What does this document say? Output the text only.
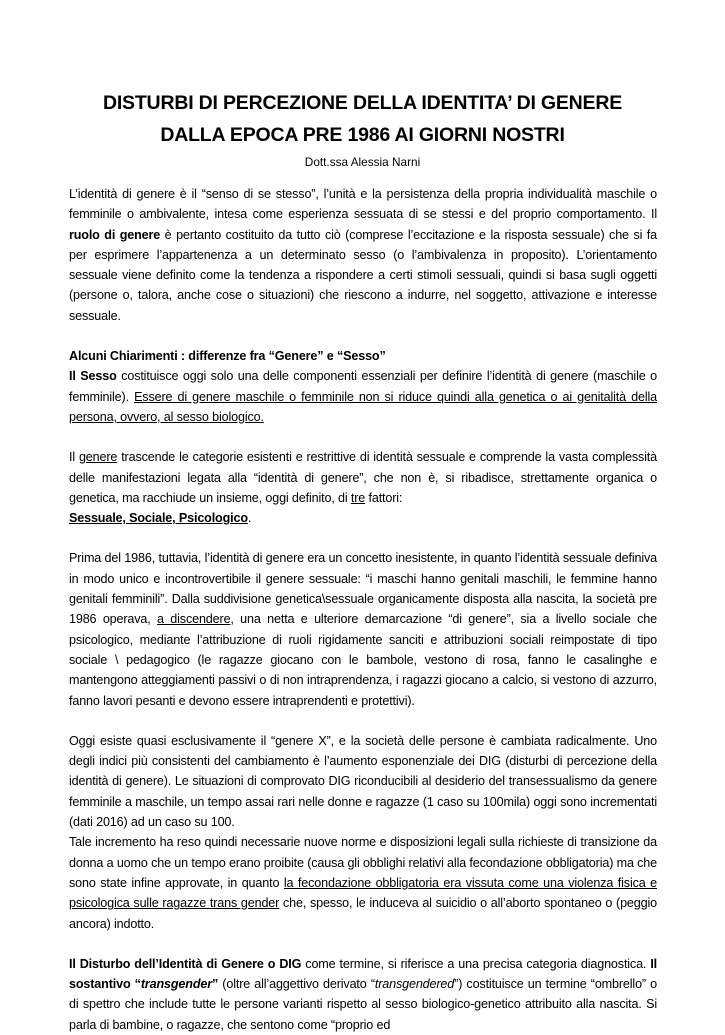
DISTURBI DI PERCEZIONE DELLA IDENTITA’ DI GENERE
DALLA EPOCA PRE 1986 AI GIORNI NOSTRI
Dott.ssa Alessia Narni

L’identità di genere è il “senso di se stesso”, l’unità e la persistenza della propria individualità maschile o femminile o ambivalente, intesa come esperienza sessuata di se stessi e del proprio comportamento. Il ruolo di genere è pertanto costituito da tutto ciò (comprese l’eccitazione e la risposta sessuale) che si fa per esprimere l’appartenenza a un determinato sesso (o l’ambivalenza in proposito). L’orientamento sessuale viene definito come la tendenza a rispondere a certi stimoli sessuali, quindi si basa sugli oggetti (persone o, talora, anche cose o situazioni) che riescono a indurre, nel soggetto, attivazione e interesse sessuale.

Alcuni Chiarimenti : differenze fra “Genere” e “Sesso”
Il Sesso costituisce oggi solo una delle componenti essenziali per definire l’identità di genere (maschile o femminile). Essere di genere maschile o femminile non si riduce quindi alla genetica o ai genitalità della persona, ovvero, al sesso biologico.

Il genere trascende le categorie esistenti e restrittive di identità sessuale e comprende la vasta complessità delle manifestazioni legata alla “identità di genere”, che non è, si ribadisce, strettamente organica o genetica, ma racchiude un insieme, oggi definito, di tre fattori:
Sessuale, Sociale, Psicologico.

Prima del 1986, tuttavia, l’identità di genere era un concetto inesistente, in quanto l’identità sessuale definiva in modo unico e incontrovertibile il genere sessuale: “i maschi hanno genitali maschili, le femmine hanno genitali femminili”. Dalla suddivisione genetica\sessuale organicamente disposta alla nascita, la società pre 1986 operava, a discendere, una netta e ulteriore demarcazione “di genere”, sia a livello sociale che psicologico, mediante l’attribuzione di ruoli rigidamente sanciti e attribuzioni sociali reimpostate di tipo sociale \ pedagogico (le ragazze giocano con le bambole, vestono di rosa, fanno le casalinghe e mantengono atteggiamenti passivi o di non intraprendenza, i ragazzi giocano a calcio, si vestono di azzurro, fanno lavori pesanti e devono essere intraprendenti e protettivi).

Oggi esiste quasi esclusivamente il “genere X”, e la società delle persone è cambiata radicalmente. Uno degli indici più consistenti del cambiamento è l’aumento esponenziale dei DIG (disturbi di percezione della identità di genere). Le situazioni di comprovato DIG riconducibili al desiderio del transessualismo da genere femminile a maschile, un tempo assai rari nelle donne e ragazze (1 caso su 100mila) oggi sono incrementati (dati 2016) ad un caso su 100.

Tale incremento ha reso quindi necessarie nuove norme e disposizioni legali sulla richieste di transizione da donna a uomo che un tempo erano proibite (causa gli obblighi relativi alla fecondazione obbligatoria) ma che sono state infine approvate, in quanto la fecondazione obbligatoria era vissuta come una violenza fisica e psicologica sulle ragazze trans gender che, spesso, le induceva al suicidio o all’aborto spontaneo o (peggio ancora) indotto.

Il Disturbo dell’Identità di Genere o DIG come termine, si riferisce a una precisa categoria diagnostica. Il sostantivo “transgender” (oltre all’aggettivo derivato “transgendered”) costituisce un termine “ombrello” o di spettro che include tutte le persone varianti rispetto al sesso biologico-genetico attribuito alla nascita. Si parla di bambine, o ragazze, che sentono come “proprio ed
